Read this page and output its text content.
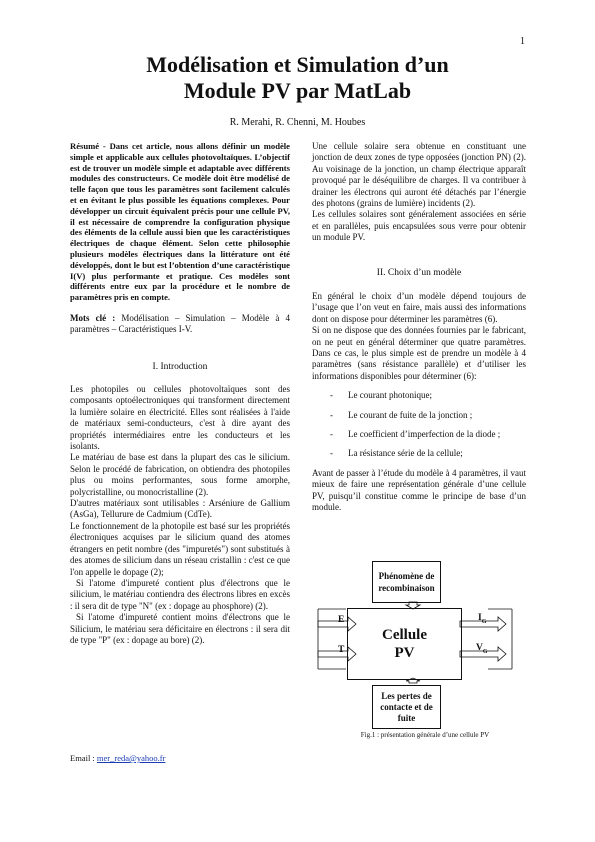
1
Modélisation et Simulation d’un
Module PV par MatLab
R. Merahi, R. Chenni, M. Houbes
Résumé - Dans cet article, nous allons définir un modèle simple et applicable aux cellules photovoltaïques. L’objectif est de trouver un modèle simple et adaptable avec différents modules des constructeurs. Ce modèle doit être modélisé de telle façon que tous les paramètres sont facilement calculés et en évitant le plus possible les équations complexes. Pour développer un circuit équivalent précis pour une cellule PV, il est nécessaire de comprendre la configuration physique des éléments de la cellule aussi bien que les caractéristiques électriques de chaque élément. Selon cette philosophie plusieurs modèles électriques dans la littérature ont été développés, dont le but est l’obtention d’une caractéristique I(V) plus performante et pratique. Ces modèles sont différents entre eux par la procédure et le nombre de paramètres pris en compte.
Mots clé : Modélisation – Simulation – Modèle à 4 paramètres – Caractéristiques I-V.
I. Introduction

Les photopiles ou cellules photovoltaïques sont des composants optoélectroniques qui transforment directement la lumière solaire en électricité. Elles sont réalisées à l'aide de matériaux semi-conducteurs, c'est à dire ayant des propriétés intermédiaires entre les conducteurs et les isolants.

Le matériau de base est dans la plupart des cas le silicium. Selon le procédé de fabrication, on obtiendra des photopiles plus ou moins performantes, sous forme amorphe, polycristalline, ou monocristalline (2).

D'autres matériaux sont utilisables : Arséniure de Gallium (AsGa), Tellurure de Cadmium (CdTe).

Le fonctionnement de la photopile est basé sur les propriétés électroniques acquises par le silicium quand des atomes étrangers en petit nombre (des "impuretés") sont substitués à des atomes de silicium dans un réseau cristallin : c'est ce que l'on appelle le dopage (2);

Si l'atome d'impureté contient plus d'électrons que le silicium, le matériau contiendra des électrons libres en excès : il sera dit de type "N" (ex : dopage au phosphore) (2).

Si l'atome d'impureté contient moins d'électrons que le Silicium, le matériau sera déficitaire en électrons : il sera dit de type "P" (ex : dopage au bore) (2).

Email : mer_reda@yahoo.fr

Une cellule solaire sera obtenue en constituant une jonction de deux zones de type opposées (jonction PN) (2). Au voisinage de la jonction, un champ électrique apparaît provoqué par le déséquilibre de charges. Il va contribuer à drainer les électrons qui auront été détachés par l’énergie des photons (grains de lumière) incidents (2).

Les cellules solaires sont généralement associées en série et en parallèles, puis encapsulées sous verre pour obtenir un module PV.

II. Choix d’un modèle

En général le choix d’un modèle dépend toujours de l’usage que l’on veut en faire, mais aussi des informations dont on dispose pour déterminer les paramètres (6).

Si on ne dispose que des données fournies par le fabricant, on ne peut en général déterminer que quatre paramètres. Dans ce cas, le plus simple est de prendre un modèle à 4 paramètres (sans résistance parallèle) et d’utiliser les informations disponibles pour déterminer (6):

- Le courant photonique;
- Le courant de fuite de la jonction ;
- Le coefficient d’imperfection de la diode ;
- La résistance série de la cellule;

Avant de passer à l’étude du modèle à 4 paramètres, il vaut mieux de faire une représentation générale d’une cellule PV, puisqu’il constitue comme le principe de base d’un module.

Phénomène de recombinaison
Cellule
PV
Les pertes de contacte et de fuite
E
T
$I_G$
$V_G$
Fig.1 : présentation générale d’une cellule PV
